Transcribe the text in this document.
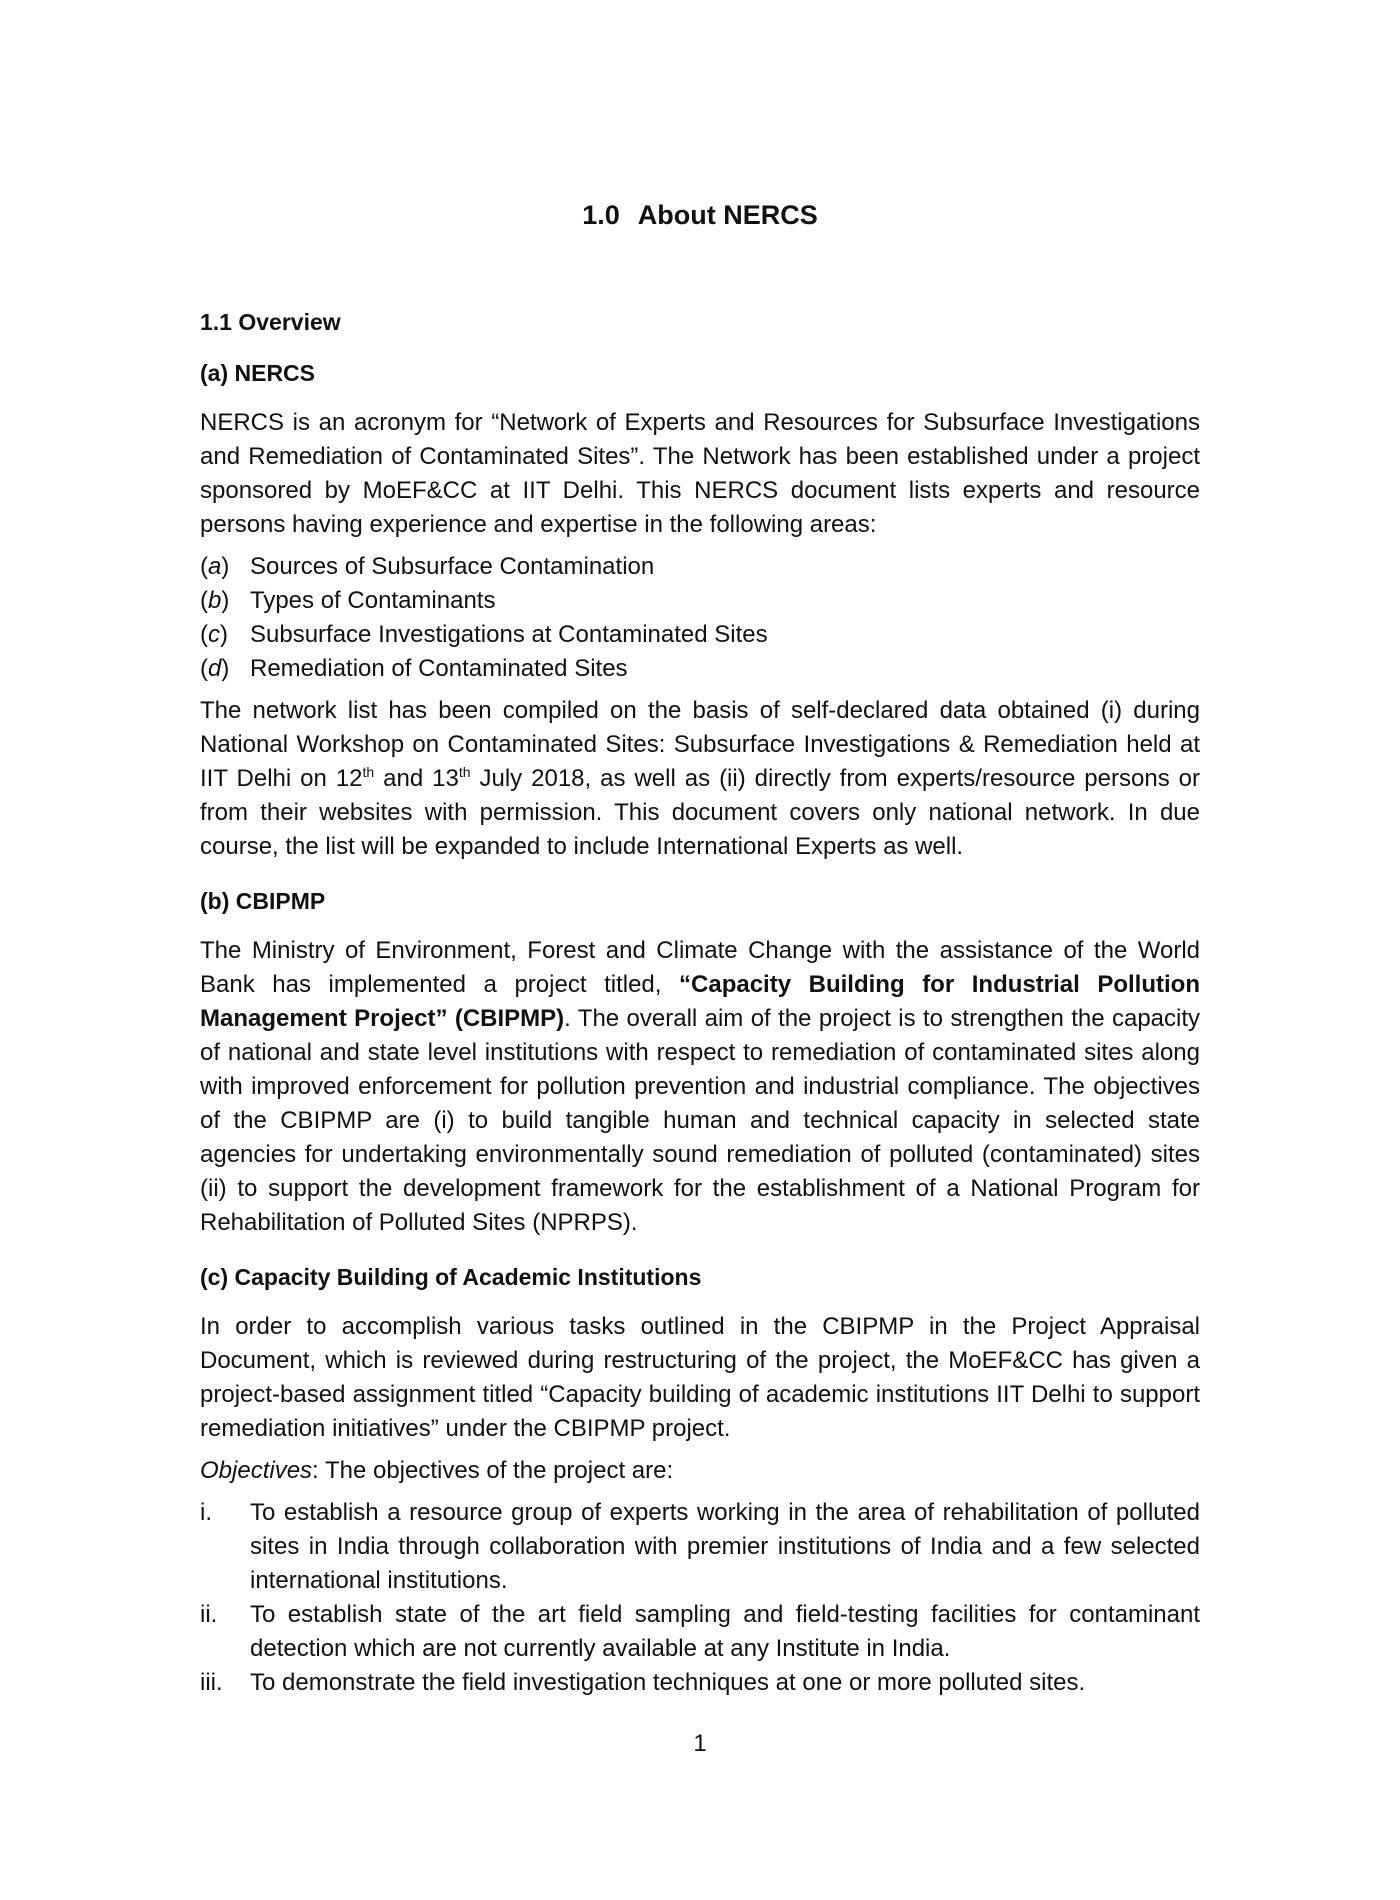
1.0 About NERCS
1.1 Overview
(a) NERCS

NERCS is an acronym for “Network of Experts and Resources for Subsurface Investigations and Remediation of Contaminated Sites”. The Network has been established under a project sponsored by MoEF&CC at IIT Delhi. This NERCS document lists experts and resource persons having experience and expertise in the following areas:

(a) Sources of Subsurface Contamination
(b) Types of Contaminants
(c) Subsurface Investigations at Contaminated Sites
(d) Remediation of Contaminated Sites

The network list has been compiled on the basis of self-declared data obtained (i) during National Workshop on Contaminated Sites: Subsurface Investigations & Remediation held at IIT Delhi on 12th and 13th July 2018, as well as (ii) directly from experts/resource persons or from their websites with permission. This document covers only national network. In due course, the list will be expanded to include International Experts as well.

(b) CBIPMP

The Ministry of Environment, Forest and Climate Change with the assistance of the World Bank has implemented a project titled, “Capacity Building for Industrial Pollution Management Project” (CBIPMP). The overall aim of the project is to strengthen the capacity of national and state level institutions with respect to remediation of contaminated sites along with improved enforcement for pollution prevention and industrial compliance. The objectives of the CBIPMP are (i) to build tangible human and technical capacity in selected state agencies for undertaking environmentally sound remediation of polluted (contaminated) sites (ii) to support the development framework for the establishment of a National Program for Rehabilitation of Polluted Sites (NPRPS).

(c) Capacity Building of Academic Institutions

In order to accomplish various tasks outlined in the CBIPMP in the Project Appraisal Document, which is reviewed during restructuring of the project, the MoEF&CC has given a project-based assignment titled “Capacity building of academic institutions IIT Delhi to support remediation initiatives” under the CBIPMP project.

Objectives: The objectives of the project are:

i.	To establish a resource group of experts working in the area of rehabilitation of polluted sites in India through collaboration with premier institutions of India and a few selected international institutions.
ii.	To establish state of the art field sampling and field-testing facilities for contaminant detection which are not currently available at any Institute in India.
iii.	To demonstrate the field investigation techniques at one or more polluted sites.
1
